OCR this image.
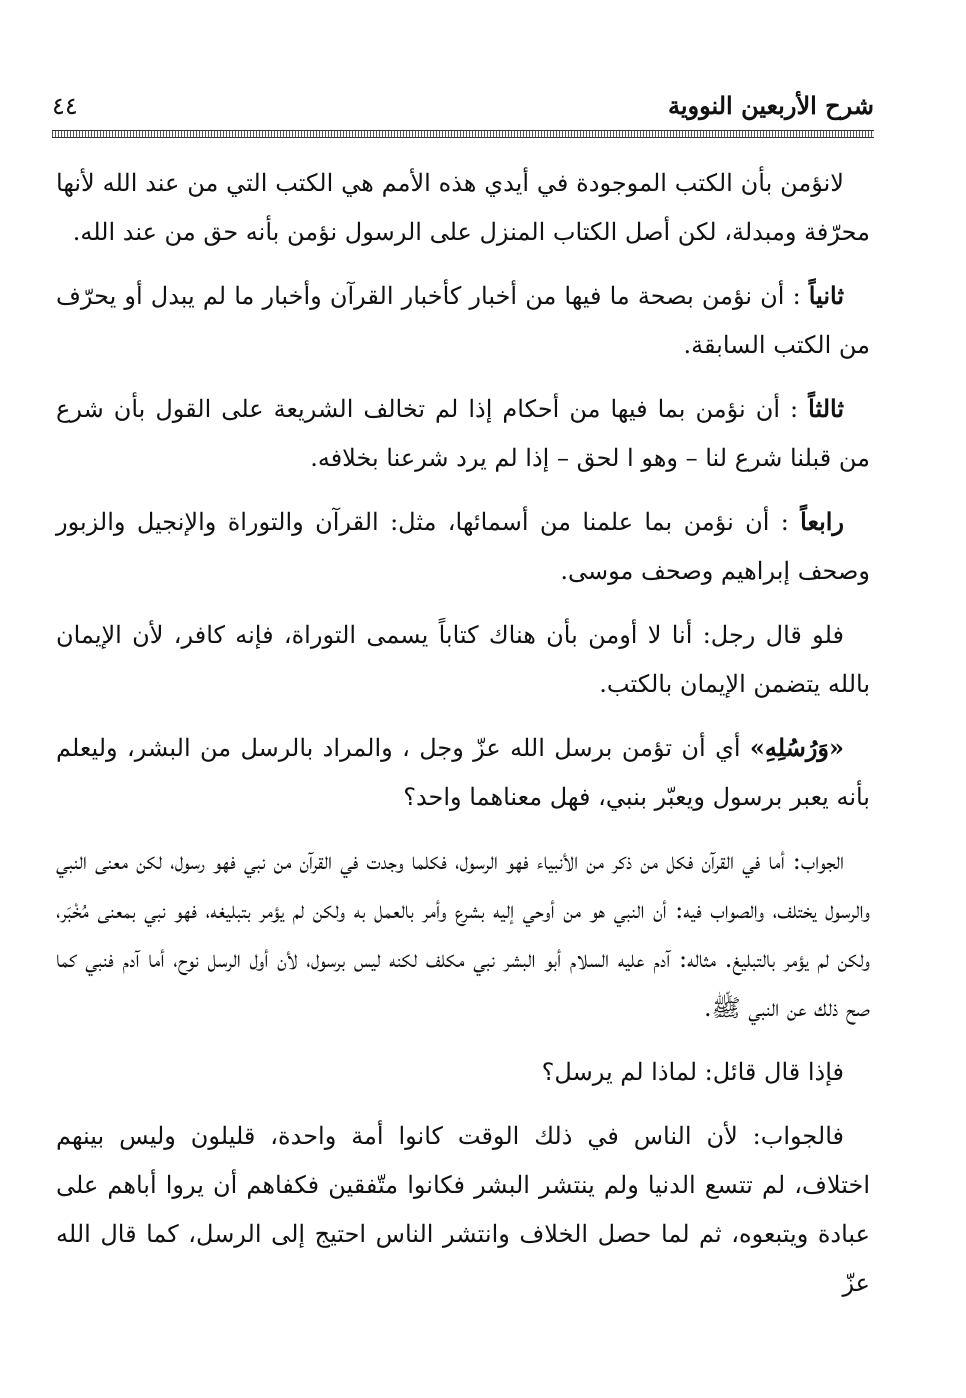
شرح الأربعين النووية
٤٤

لانؤمن بأن الكتب الموجودة في أيدي هذه الأمم هي الكتب التي من عند الله لأنها محرّفة ومبدلة، لكن أصل الكتاب المنزل على الرسول نؤمن بأنه حق من عند الله.

ثانياً : أن نؤمن بصحة ما فيها من أخبار كأخبار القرآن وأخبار ما لم يبدل أو يحرّف من الكتب السابقة.

ثالثاً : أن نؤمن بما فيها من أحكام إذا لم تخالف الشريعة على القول بأن شرع من قبلنا شرع لنا – وهو ا لحق – إذا لم يرد شرعنا بخلافه.

رابعاً : أن نؤمن بما علمنا من أسمائها، مثل: القرآن والتوراة والإنجيل والزبور وصحف إبراهيم وصحف موسى.

فلو قال رجل: أنا لا أومن بأن هناك كتاباً يسمى التوراة، فإنه كافر، لأن الإيمان بالله يتضمن الإيمان بالكتب.

«وَرُسُلِهِ» أي أن تؤمن برسل الله عزّ وجل ، والمراد بالرسل من البشر، وليعلم بأنه يعبر برسول ويعبّر بنبي، فهل معناهما واحد؟

الجواب: أما في القرآن فكل من ذكر من الأنبياء فهو الرسول، فكلما وجدت في القرآن من نبي فهو رسول، لكن معنى النبي والرسول يختلف، والصواب فيه: أن النبي هو من أوحي إليه بشرع وأمر بالعمل به ولكن لم يؤمر بتبليغه، فهو نبي بمعنى مُخْبَر، ولكن لم يؤمر بالتبليغ. مثاله: آدم عليه السلام أبو البشر نبي مكلف لكنه ليس برسول، لأن أول الرسل نوح، أما آدم فنبي كما صح ذلك عن النبي ﷺ.

فإذا قال قائل: لماذا لم يرسل؟

فالجواب: لأن الناس في ذلك الوقت كانوا أمة واحدة، قليلون وليس بينهم اختلاف، لم تتسع الدنيا ولم ينتشر البشر فكانوا متّفقين فكفاهم أن يروا أباهم على عبادة ويتبعوه، ثم لما حصل الخلاف وانتشر الناس احتيج إلى الرسل، كما قال الله عزّ
